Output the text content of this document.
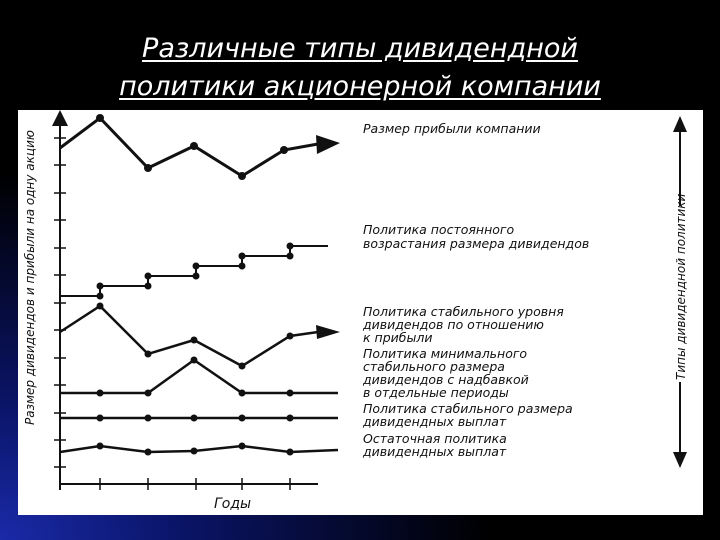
Различные типы дивидендной
политики акционерной компании
Размер дивидендов и прибыли на одну акцию
Годы
Типы дивидендной политики
Размер прибыли компании
Политика постоянного
возрастания размера дивидендов
Политика стабильного уровня
дивидендов по отношению
к прибыли
Политика минимального
стабильного размера
дивидендов с надбавкой
в отдельные периоды
Политика стабильного размера
дивидендных выплат
Остаточная политика
дивидендных выплат
